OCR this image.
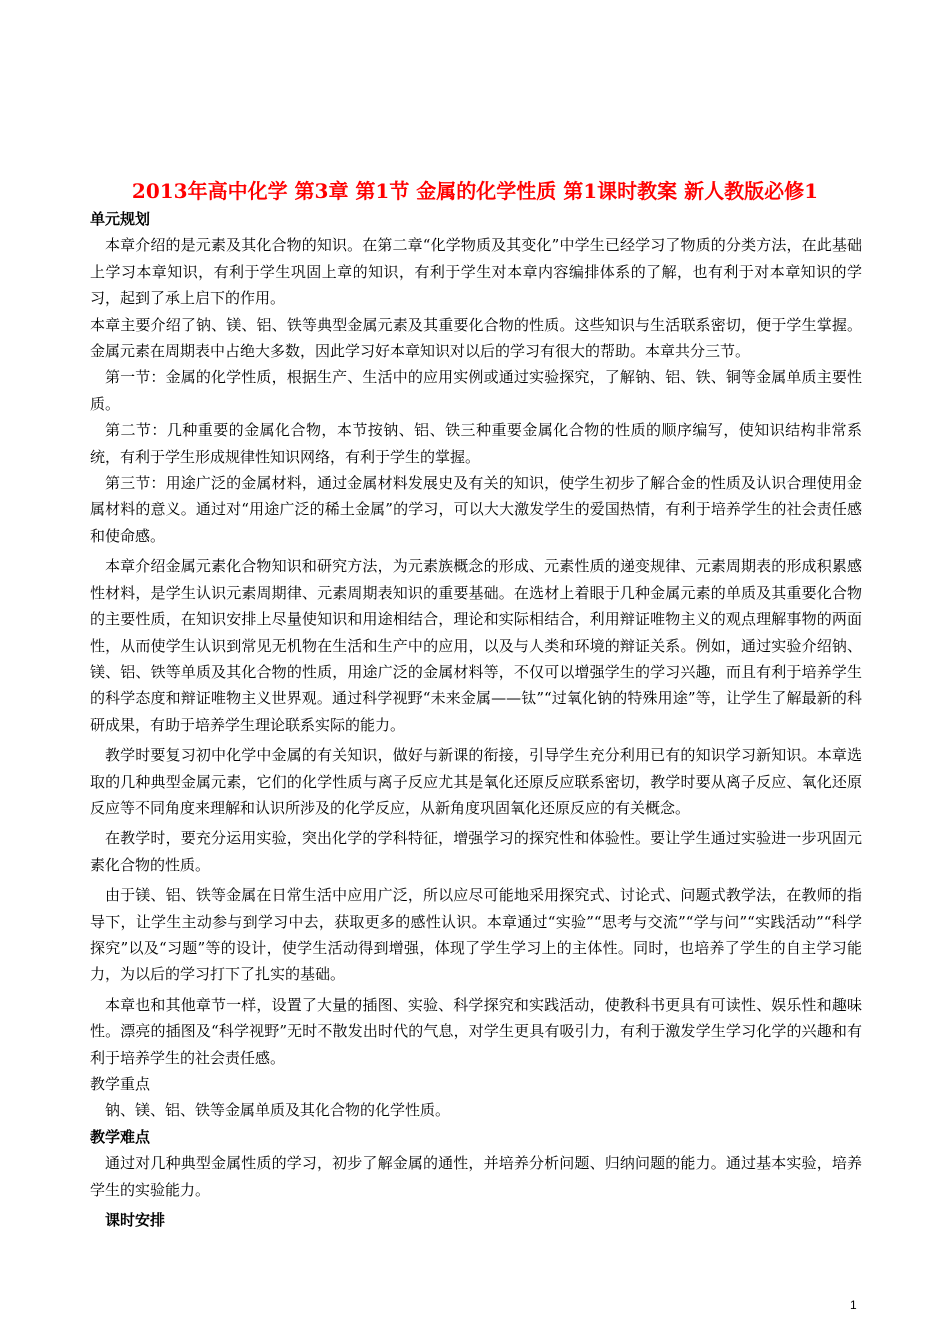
2013年高中化学 第3章 第1节 金属的化学性质 第1课时教案 新人教版必修1

单元规划

本章介绍的是元素及其化合物的知识。在第二章“化学物质及其变化”中学生已经学习了物质的分类方法，在此基础上学习本章知识，有利于学生巩固上章的知识，有利于学生对本章内容编排体系的了解，也有利于对本章知识的学习，起到了承上启下的作用。

本章主要介绍了钠、镁、铝、铁等典型金属元素及其重要化合物的性质。这些知识与生活联系密切，便于学生掌握。金属元素在周期表中占绝大多数，因此学习好本章知识对以后的学习有很大的帮助。本章共分三节。

第一节：金属的化学性质，根据生产、生活中的应用实例或通过实验探究，了解钠、铝、铁、铜等金属单质主要性质。

第二节：几种重要的金属化合物，本节按钠、铝、铁三种重要金属化合物的性质的顺序编写，使知识结构非常系统，有利于学生形成规律性知识网络，有利于学生的掌握。

第三节：用途广泛的金属材料，通过金属材料发展史及有关的知识，使学生初步了解合金的性质及认识合理使用金属材料的意义。通过对“用途广泛的稀土金属”的学习，可以大大激发学生的爱国热情，有利于培养学生的社会责任感和使命感。

本章介绍金属元素化合物知识和研究方法，为元素族概念的形成、元素性质的递变规律、元素周期表的形成积累感性材料，是学生认识元素周期律、元素周期表知识的重要基础。在选材上着眼于几种金属元素的单质及其重要化合物的主要性质，在知识安排上尽量使知识和用途相结合，理论和实际相结合，利用辩证唯物主义的观点理解事物的两面性，从而使学生认识到常见无机物在生活和生产中的应用，以及与人类和环境的辩证关系。例如，通过实验介绍钠、镁、铝、铁等单质及其化合物的性质，用途广泛的金属材料等，不仅可以增强学生的学习兴趣，而且有利于培养学生的科学态度和辩证唯物主义世界观。通过科学视野“未来金属——钛”“过氧化钠的特殊用途”等，让学生了解最新的科研成果，有助于培养学生理论联系实际的能力。

教学时要复习初中化学中金属的有关知识，做好与新课的衔接，引导学生充分利用已有的知识学习新知识。本章选取的几种典型金属元素，它们的化学性质与离子反应尤其是氧化还原反应联系密切，教学时要从离子反应、氧化还原反应等不同角度来理解和认识所涉及的化学反应，从新角度巩固氧化还原反应的有关概念。

在教学时，要充分运用实验，突出化学的学科特征，增强学习的探究性和体验性。要让学生通过实验进一步巩固元素化合物的性质。

由于镁、铝、铁等金属在日常生活中应用广泛，所以应尽可能地采用探究式、讨论式、问题式教学法，在教师的指导下，让学生主动参与到学习中去，获取更多的感性认识。本章通过“实验”“思考与交流”“学与问”“实践活动”“科学探究”以及“习题”等的设计，使学生活动得到增强，体现了学生学习上的主体性。同时，也培养了学生的自主学习能力，为以后的学习打下了扎实的基础。

本章也和其他章节一样，设置了大量的插图、实验、科学探究和实践活动，使教科书更具有可读性、娱乐性和趣味性。漂亮的插图及“科学视野”无时不散发出时代的气息，对学生更具有吸引力，有利于激发学生学习化学的兴趣和有利于培养学生的社会责任感。

教学重点

钠、镁、铝、铁等金属单质及其化合物的化学性质。

教学难点

通过对几种典型金属性质的学习，初步了解金属的通性，并培养分析问题、归纳问题的能力。通过基本实验，培养学生的实验能力。

课时安排

1
